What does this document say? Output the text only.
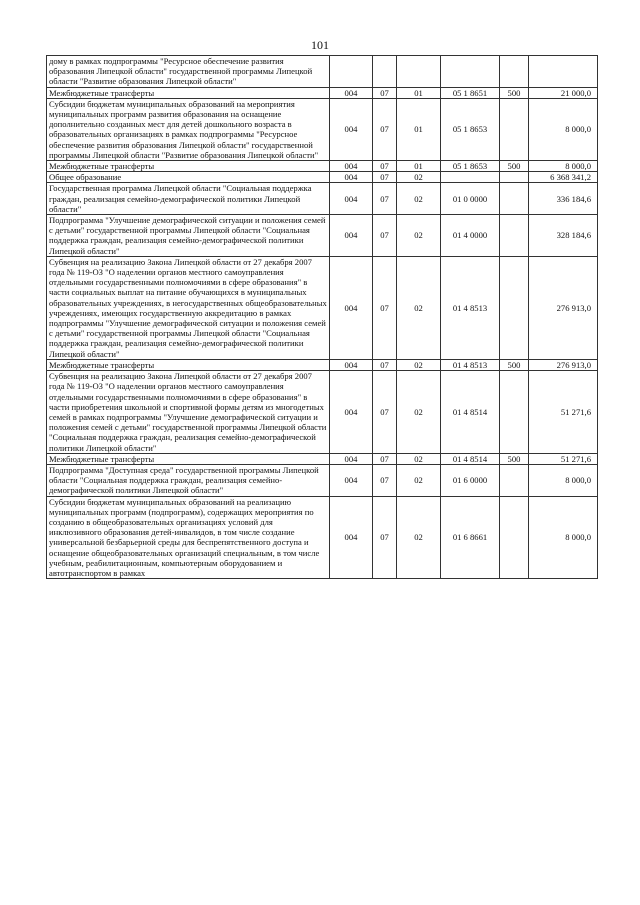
101
дому в рамках подпрограммы "Ресурсное обеспечение развития образования Липецкой области" государственной программы Липецкой области "Развитие образования Липецкой области"						
Межбюджетные трансферты	004	07	01	05 1 8651	500	21 000,0
Субсидии бюджетам муниципальных образований на мероприятия муниципальных программ развития образования на оснащение дополнительно созданных мест для детей дошкольного возраста в образовательных организациях в рамках подпрограммы "Ресурсное обеспечение развития образования Липецкой области" государственной программы Липецкой области "Развитие образования Липецкой области"	004	07	01	05 1 8653		8 000,0
Межбюджетные трансферты	004	07	01	05 1 8653	500	8 000,0
Общее образование	004	07	02			6 368 341,2
Государственная программа Липецкой области "Социальная поддержка граждан, реализация семейно-демографической политики Липецкой области"	004	07	02	01 0 0000		336 184,6
Подпрограмма "Улучшение демографической ситуации и положения семей с детьми" государственной программы Липецкой области "Социальная поддержка граждан, реализация семейно-демографической политики Липецкой области"	004	07	02	01 4 0000		328 184,6
Субвенция на реализацию Закона Липецкой области от 27 декабря 2007 года № 119-ОЗ "О наделении органов местного самоуправления отдельными государственными полномочиями в сфере образования" в части социальных выплат на питание обучающихся в муниципальных образовательных учреждениях, в негосударственных общеобразовательных учреждениях, имеющих государственную аккредитацию в рамках подпрограммы "Улучшение демографической ситуации и положения семей с детьми" государственной программы Липецкой области "Социальная поддержка граждан, реализация семейно-демографической политики Липецкой области"	004	07	02	01 4 8513		276 913,0
Межбюджетные трансферты	004	07	02	01 4 8513	500	276 913,0
Субвенция на реализацию Закона Липецкой области от 27 декабря 2007 года № 119-ОЗ "О наделении органов местного самоуправления отдельными государственными полномочиями в сфере образования" в части приобретения школьной и спортивной формы детям из многодетных семей в рамках подпрограммы "Улучшение демографической ситуации и положения семей с детьми" государственной программы Липецкой области "Социальная поддержка граждан, реализация семейно-демографической политики Липецкой области"	004	07	02	01 4 8514		51 271,6
Межбюджетные трансферты	004	07	02	01 4 8514	500	51 271,6
Подпрограмма "Доступная среда" государственной программы Липецкой области "Социальная поддержка граждан, реализация семейно-демографической политики Липецкой области"	004	07	02	01 6 0000		8 000,0
Субсидии бюджетам муниципальных образований на реализацию муниципальных программ (подпрограмм), содержащих мероприятия по созданию в общеобразовательных организациях условий для инклюзивного образования детей-инвалидов, в том числе создание универсальной безбарьерной среды для беспрепятственного доступа и оснащение общеобразовательных организаций специальным, в том числе учебным, реабилитационным, компьютерным оборудованием и автотранспортом в рамках	004	07	02	01 6 8661		8 000,0
